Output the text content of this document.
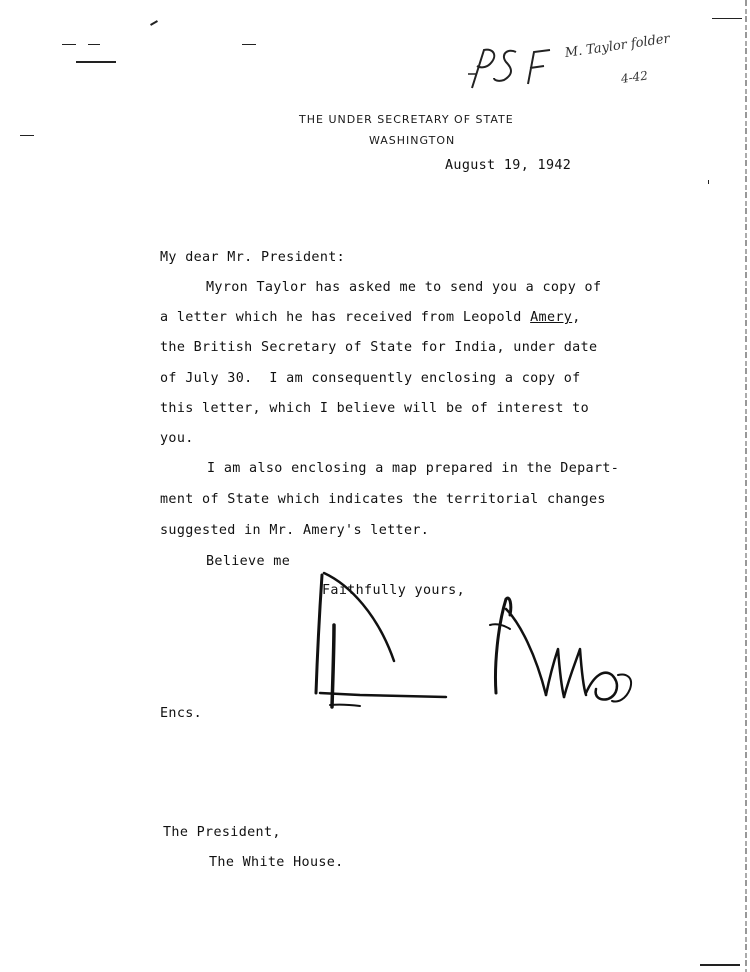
M. Taylor folder
4-42
THE UNDER SECRETARY OF STATE
WASHINGTON
August 19, 1942
My dear Mr. President:
Myron Taylor has asked me to send you a copy of
a letter which he has received from Leopold Amery,
the British Secretary of State for India, under date
of July 30.  I am consequently enclosing a copy of
this letter, which I believe will be of interest to
you.
I am also enclosing a map prepared in the Depart-
ment of State which indicates the territorial changes
suggested in Mr. Amery's letter.
Believe me
Faithfully yours,
Encs.
The President,
The White House.
